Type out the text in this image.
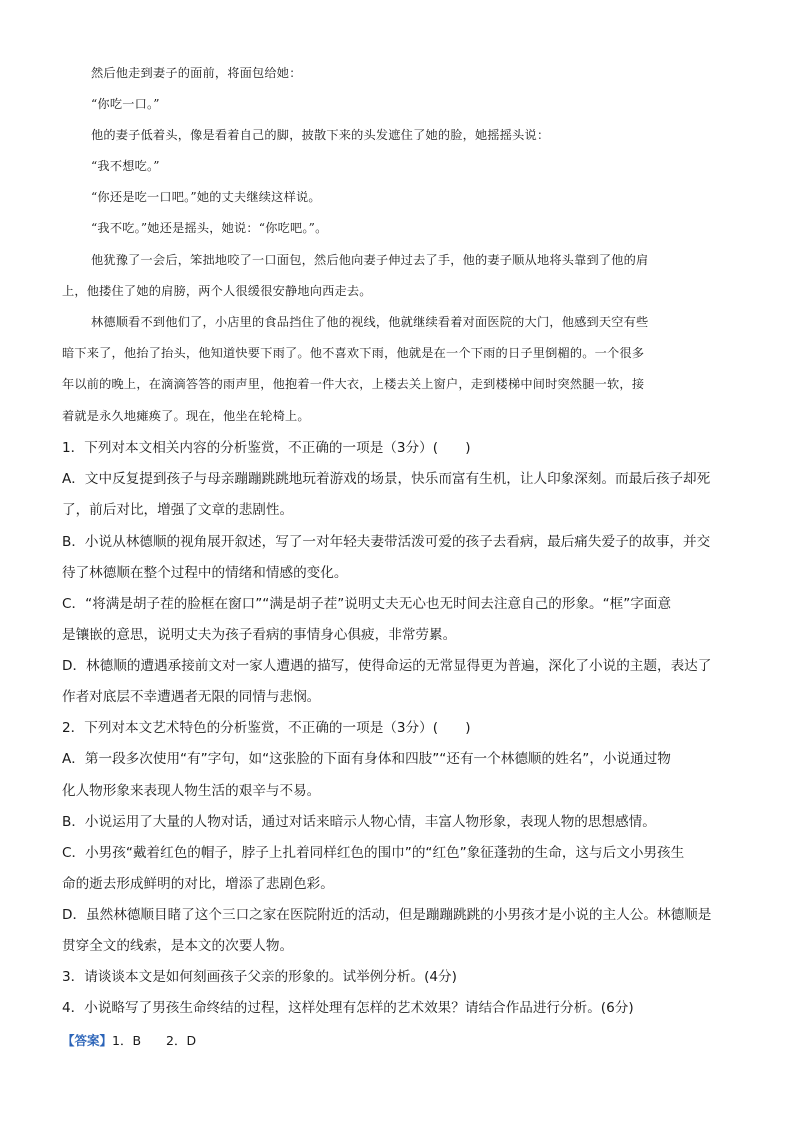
然后他走到妻子的面前，将面包给她：
“你吃一口。”
他的妻子低着头，像是看着自己的脚，披散下来的头发遮住了她的脸，她摇摇头说：
“我不想吃。”
“你还是吃一口吧。”她的丈夫继续这样说。
“我不吃。”她还是摇头，她说：“你吃吧。”。
他犹豫了一会后，笨拙地咬了一口面包，然后他向妻子伸过去了手，他的妻子顺从地将头靠到了他的肩
上，他搂住了她的肩膀，两个人很缓很安静地向西走去。
林德顺看不到他们了，小店里的食品挡住了他的视线，他就继续看着对面医院的大门，他感到天空有些
暗下来了，他抬了抬头，他知道快要下雨了。他不喜欢下雨，他就是在一个下雨的日子里倒楣的。一个很多
年以前的晚上，在滴滴答答的雨声里，他抱着一件大衣，上楼去关上窗户，走到楼梯中间时突然腿一软，接
着就是永久地瘫痪了。现在，他坐在轮椅上。
1．下列对本文相关内容的分析鉴赏，不正确的一项是（3分）(　　)
A．文中反复提到孩子与母亲蹦蹦跳跳地玩着游戏的场景，快乐而富有生机，让人印象深刻。而最后孩子却死
了，前后对比，增强了文章的悲剧性。
B．小说从林德顺的视角展开叙述，写了一对年轻夫妻带活泼可爱的孩子去看病，最后痛失爱子的故事，并交
待了林德顺在整个过程中的情绪和情感的变化。
C．“将满是胡子茬的脸框在窗口”“满是胡子茬”说明丈夫无心也无时间去注意自己的形象。“框”字面意
是镶嵌的意思，说明丈夫为孩子看病的事情身心俱疲，非常劳累。
D．林德顺的遭遇承接前文对一家人遭遇的描写，使得命运的无常显得更为普遍，深化了小说的主题，表达了
作者对底层不幸遭遇者无限的同情与悲悯。
2．下列对本文艺术特色的分析鉴赏，不正确的一项是（3分）(　　)
A．第一段多次使用“有”字句，如“这张脸的下面有身体和四肢”“还有一个林德顺的姓名”，小说通过物
化人物形象来表现人物生活的艰辛与不易。
B．小说运用了大量的人物对话，通过对话来暗示人物心情，丰富人物形象，表现人物的思想感情。
C．小男孩“戴着红色的帽子，脖子上扎着同样红色的围巾”的“红色”象征蓬勃的生命，这与后文小男孩生
命的逝去形成鲜明的对比，增添了悲剧色彩。
D．虽然林德顺目睹了这个三口之家在医院附近的活动，但是蹦蹦跳跳的小男孩才是小说的主人公。林德顺是
贯穿全文的线索，是本文的次要人物。
3．请谈谈本文是如何刻画孩子父亲的形象的。试举例分析。(4分)
4．小说略写了男孩生命终结的过程，这样处理有怎样的艺术效果？请结合作品进行分析。(6分)
【答案】1．B　　2．D
